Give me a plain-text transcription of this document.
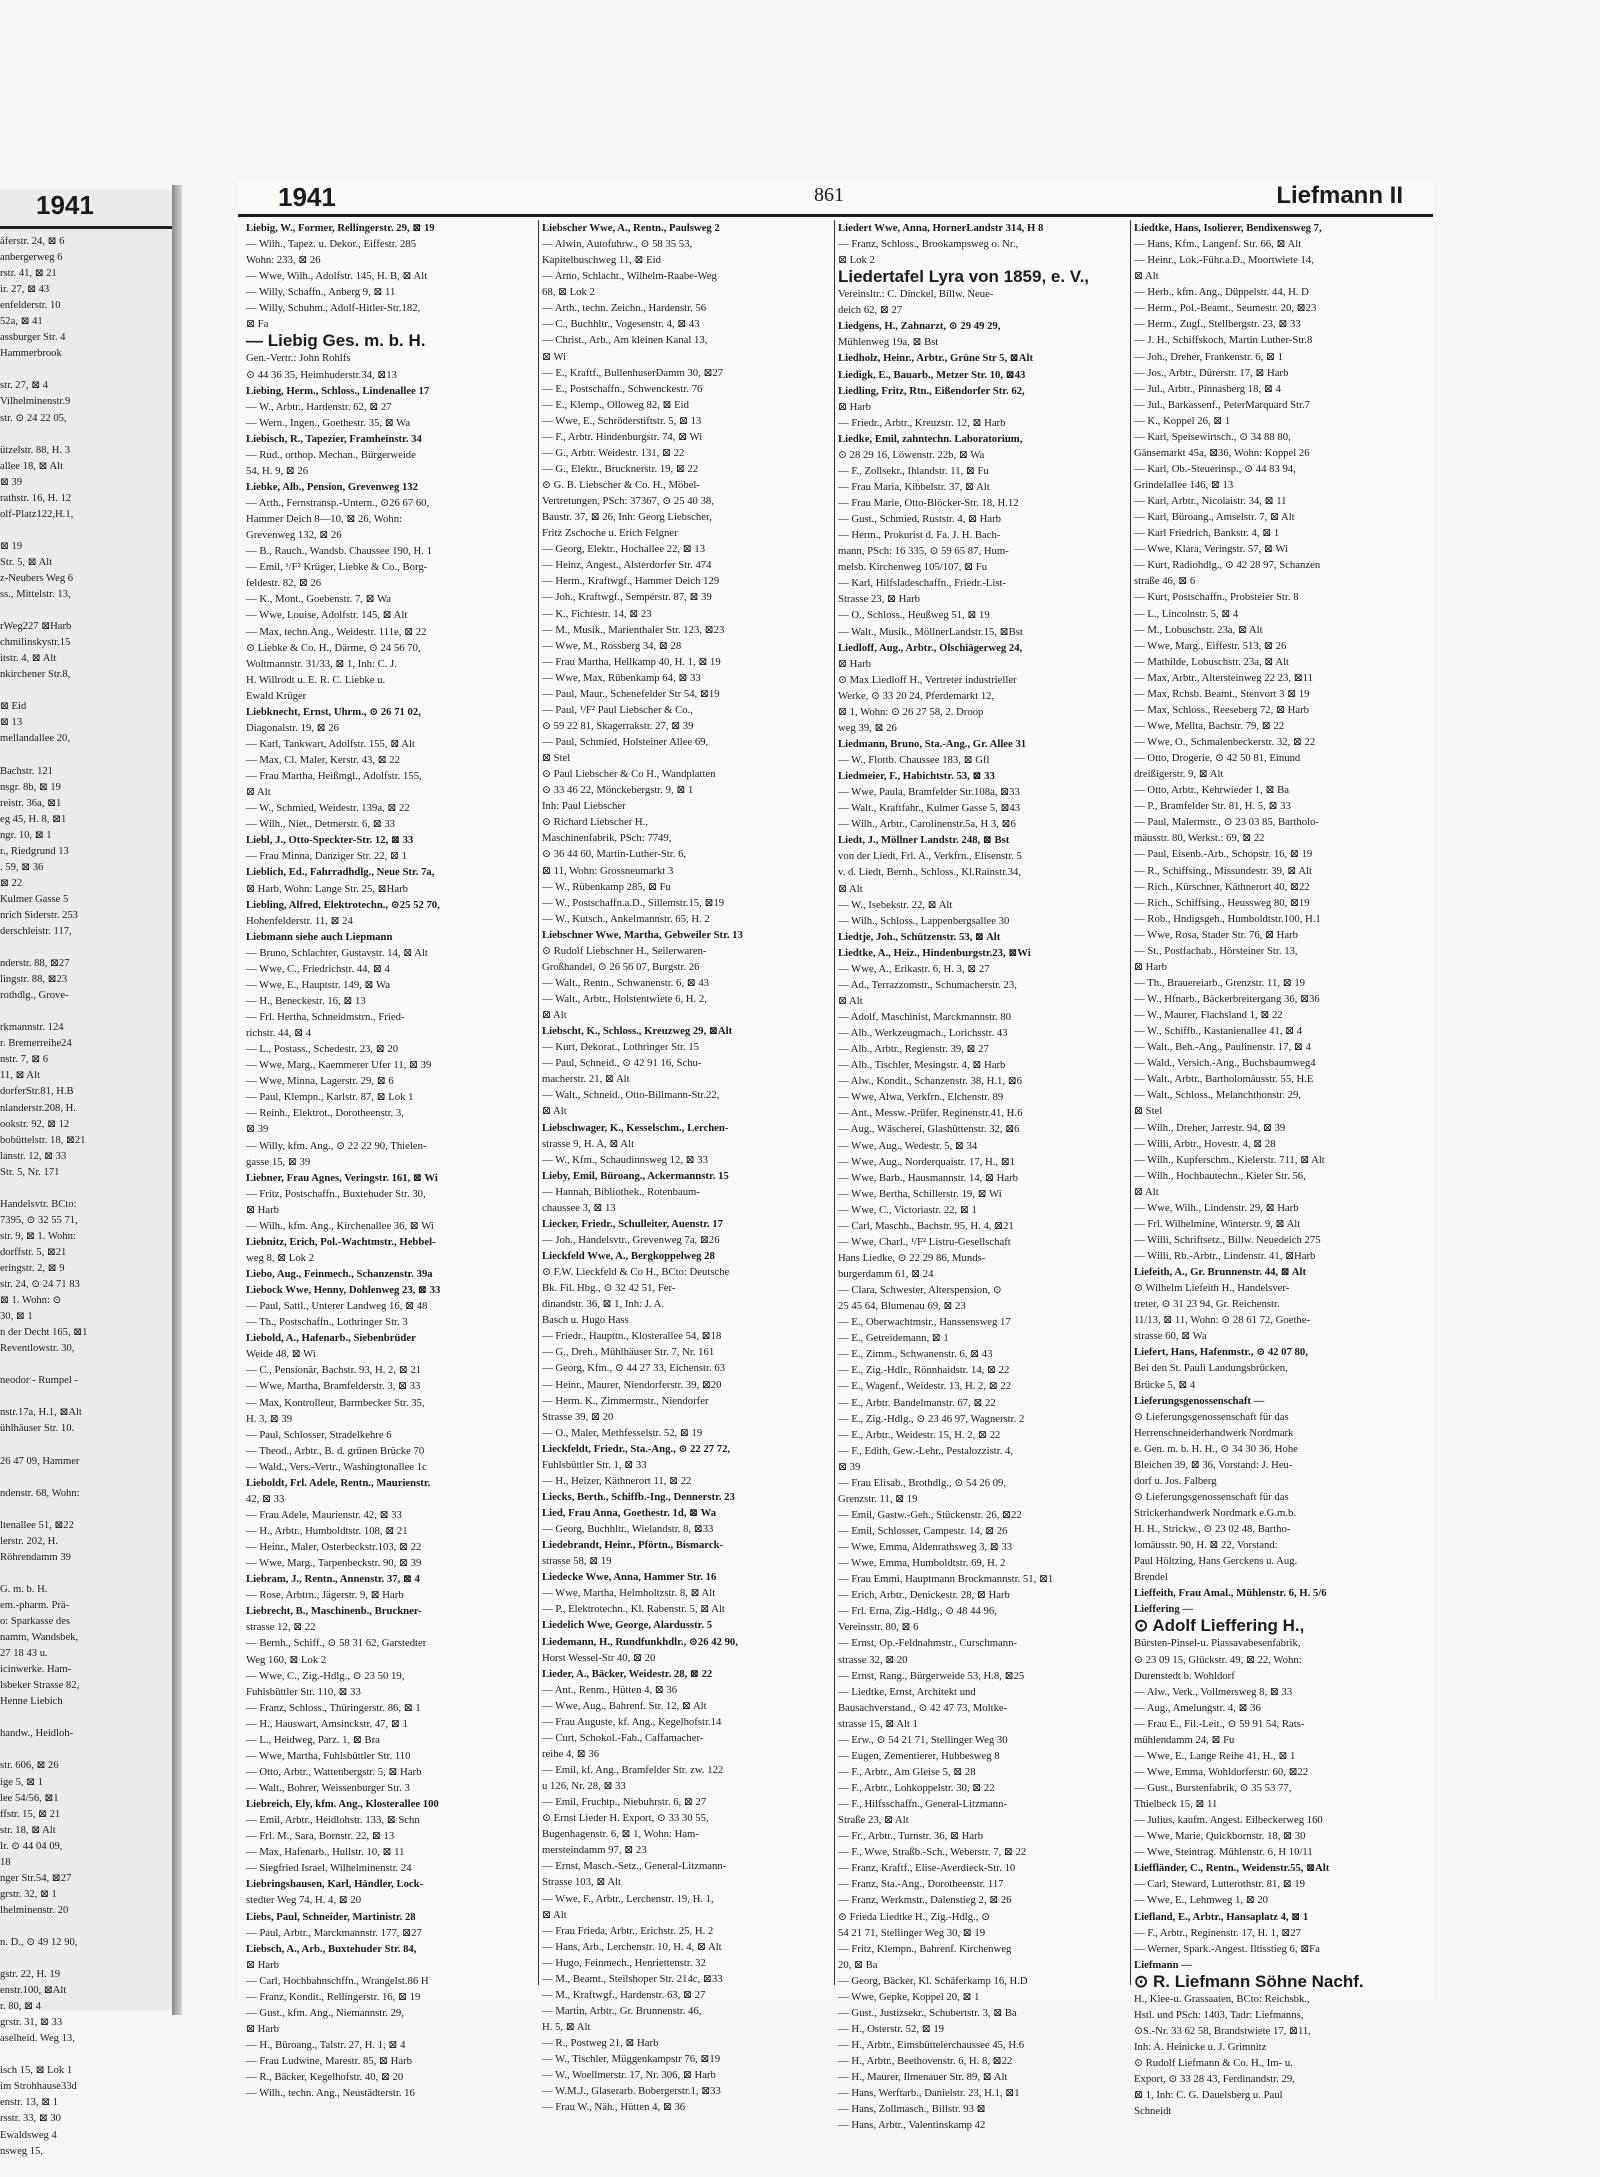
1941
äferstr. 24, ⊠ 6
anbergerweg 6
rstr. 41, ⊠ 21
ir. 27, ⊠ 43
enfelderstr. 10
52a, ⊠ 41
assburger Str. 4
Hammerbrook

str. 27, ⊠ 4
Vilhelminenstr.9
str. ⊙ 24 22 05,

ützelstr. 88, H. 3
allee 18, ⊠ Alt
⊠ 39
rathstr. 16, H. 12
olf-Platz122,H.1,

⊠ 19
Str. 5, ⊠ Alt
z-Neubers Weg 6
ss., Mittelstr. 13,

rWeg227 ⊠Harb
chmilinskystr.15
itstr. 4, ⊠ Alt
nkirchener Str.8,

⊠ Eid
⊠ 13
mellandallee 20,

Bachstr. 121
nsgr. 8b, ⊠ 19
reistr. 36a, ⊠1
eg 45, H. 8, ⊠1
ngr. 10, ⊠ 1
r., Riedgrund 13
. 59, ⊠ 36
⊠ 22
Kulmer Gasse 5
nrich Siderstr. 253
derschleistr. 117,

nderstr. 88, ⊠27
lingstr. 88, ⊠23
rothdlg., Grove-

rkmannstr. 124
r. Bremerreihe24
nstr. 7, ⊠ 6
11, ⊠ Alt
dorferStr.81, H.B
nlanderstr.208, H.
ookstr. 92, ⊠ 12
bobüttelstr. 18, ⊠21
lanstr. 12, ⊠ 33
Str. 5, Nr. 171

Handelsvtr. BCto:
7395, ⊙ 32 55 71,
str. 9, ⊠ 1. Wohn:
dorffstr. 5, ⊠21
eringstr. 2, ⊠ 9
str. 24, ⊙ 24 71 83
⊠ 1. Wohn: ⊙
30, ⊠ 1
n der Decht 165, ⊠1
Reventlowstr. 30,

neodor - Rumpel -

nstr.17a, H.1, ⊠Alt
ühlhäuser Str. 10.

26 47 09, Hammer

ndenstr. 68, Wohn:

ltenallee 51, ⊠22
lerstr. 202, H.
Röhrendamm 39

G. m. b. H.
em.-pharm. Prä-
o: Sparkasse des
namm, Wandsbek,
27 18 43 u.
icinwerke. Ham-
lsbeker Strasse 82,
Henne Liebich

handw., Heidloh-

str. 606, ⊠ 26
ige 5, ⊠ 1
lee 54/56, ⊠1
ffstr. 15, ⊠ 21
str. 18, ⊠ Alt
lr. ⊙ 44 04 09,
18
nger Str.54, ⊠27
grstr. 32, ⊠ 1
lhelminenstr. 20

n. D., ⊙ 49 12 90,

gstr. 22, H. 19
enstr.100, ⊠Alt
r. 80, ⊠ 4
grstr. 31, ⊠ 33
aselheid. Weg 13,

isch 15, ⊠ Lok 1
im Strohhause33d
enstr. 13, ⊠ 1
rsstr. 33, ⊠ 30
Ewaldsweg 4
nsweg 15,
1941	861	Liefmann II
Liebig, W., Former, Rellingerstr. 29, ⊠ 19
— Wilh., Tapez. u. Dekor., Eiffestr. 285
Wohn: 233, ⊠ 26
— Wwe, Wilh., Adolfstr. 145, H. B, ⊠ Alt
— Willy, Schaffn., Anberg 9, ⊠ 11
— Willy, Schuhm., Adolf-Hitler-Str.182,
⊠ Fa
— Liebig Ges. m. b. H.
Gen.-Vertr.: John Rohlfs
⊙ 44 36 35, Heimhuderstr.34, ⊠13
Liebing, Herm., Schloss., Lindenallee 17
— W., Arbtr., Hardenstr. 62, ⊠ 27
— Wern., Ingen., Goethestr. 35, ⊠ Wa
Liebisch, R., Tapezier, Framheinstr. 34
— Rud., orthop. Mechan., Bürgerweide
54, H. 9, ⊠ 26
Liebke, Alb., Pension, Grevenweg 132
— Arth., Fernstransp.-Untern., ⊙26 67 60,
Hammer Deich 8—10, ⊠ 26, Wohn:
Grevenweg 132, ⊠ 26
— B., Rauch., Wandsb. Chaussee 190, H. 1
— Emil, ¹/F² Krüger, Liebke & Co., Borg-
feldestr. 82, ⊠ 26
— K., Mont., Goebenstr. 7, ⊠ Wa
— Wwe, Louise, Adolfstr. 145, ⊠ Alt
— Max, techn.Ang., Weidestr. 111e, ⊠ 22
⊙ Liebke & Co. H., Därme, ⊙ 24 56 70,
Woltmannstr. 31/33, ⊠ 1, Inh: C. J.
H. Willrodt u. E. R. C. Liebke u.
Ewald Krüger
Liebknecht, Ernst, Uhrm., ⊙ 26 71 02,
Diagonalstr. 19, ⊠ 26
— Karl, Tankwart, Adolfstr. 155, ⊠ Alt
— Max, Cl. Maler, Kerstr. 43, ⊠ 22
— Frau Martha, Heißmgl., Adolfstr. 155,
⊠ Alt
— W., Schmied, Weidestr. 139a, ⊠ 22
— Wilh., Niet., Detmerstr. 6, ⊠ 33
Liebl, J., Otto-Speckter-Str. 12, ⊠ 33
— Frau Minna, Danziger Str. 22, ⊠ 1
Lieblich, Ed., Fahrradhdlg., Neue Str. 7a,
⊠ Harb, Wohn: Lange Str. 25, ⊠Harb
Liebling, Alfred, Elektrotechn., ⊙25 52 70,
Hohenfelderstr. 11, ⊠ 24
Liebmann siehe auch Liepmann
— Bruno, Schlachter, Gustavstr. 14, ⊠ Alt
— Wwe, C., Friedrichstr. 44, ⊠ 4
— Wwe, E., Hauptstr. 149, ⊠ Wa
— H., Beneckestr. 16, ⊠ 13
— Frl. Hertha, Schneidmstrn., Fried-
richstr. 44, ⊠ 4
— L., Postass., Schedestr. 23, ⊠ 20
— Wwe, Marg., Kaemmerer Ufer 11, ⊠ 39
— Wwe, Minna, Lagerstr. 29, ⊠ 6
— Paul, Klempn., Karlstr. 87, ⊠ Lok 1
— Reinh., Elektrot., Dorotheenstr. 3,
⊠ 39
— Willy, kfm. Ang., ⊙ 22 22 90, Thielen-
gasse 15, ⊠ 39
Liebner, Frau Agnes, Veringstr. 161, ⊠ Wi
— Fritz, Postschaffn., Buxtehuder Str. 30,
⊠ Harb
— Wilh., kfm. Ang., Kirchenallee 36, ⊠ Wi
Liebnitz, Erich, Pol.-Wachtmstr., Hebbel-
weg 8, ⊠ Lok 2
Liebo, Aug., Feinmech., Schanzenstr. 39a
Liebock Wwe, Henny, Dohlenweg 23, ⊠ 33
— Paul, Sattl., Unterer Landweg 16, ⊠ 48
— Th., Postschaffn., Lothringer Str. 3
Liebold, A., Hafenarb., Siebenbrüder
Weide 48, ⊠ Wi
— C., Pensionär, Bachstr. 93, H. 2, ⊠ 21
— Wwe, Martha, Bramfelderstr. 3, ⊠ 33
— Max, Kontrolleur, Barmbecker Str. 35,
H. 3, ⊠ 39
— Paul, Schlosser, Stradelkehre 6
— Theod., Arbtr., B. d. grünen Brücke 70
— Wald., Vers.-Vertr., Washingtonallee 1c
Lieboldt, Frl. Adele, Rentn., Maurienstr.
42, ⊠ 33
— Frau Adele, Maurienstr. 42, ⊠ 33
— H., Arbtr., Humboldtstr. 108, ⊠ 21
— Heinr., Maler, Osterbeckstr.103, ⊠ 22
— Wwe, Marg., Tarpenbeckstr. 90, ⊠ 39
Liebram, J., Rentn., Annenstr. 37, ⊠ 4
— Rose, Arbtrn., Jägerstr. 9, ⊠ Harb
Liebrecht, B., Maschinenb., Bruckner-
strasse 12, ⊠ 22
— Bernh., Schiff., ⊙ 58 31 62, Garstedter
Weg 160, ⊠ Lok 2
— Wwe, C., Zig.-Hdlg., ⊙ 23 50 19,
Fuhlsbüttler Str. 110, ⊠ 33
— Franz, Schloss., Thüringerstr. 86, ⊠ 1
— H., Hauswart, Amsinckstr. 47, ⊠ 1
— L., Heidweg, Parz. 1, ⊠ Bra
— Wwe, Martha, Fuhlsbüttler Str. 110
— Otto, Arbtr., Wattenbergstr. 5, ⊠ Harb
— Walt., Bohrer, Weissenburger Str. 3
Liebreich, Ely, kfm. Ang., Klosterallee 100
— Emil, Arbtr., Heidlohstr. 133, ⊠ Schn
— Frl. M., Sara, Bornstr. 22, ⊠ 13
— Max, Hafenarb., Hullstr. 10, ⊠ 11
— Siegfried Israel, Wilhelminenstr. 24
Liebringshausen, Karl, Händler, Lock-
stedter Weg 74, H. 4, ⊠ 20
Liebs, Paul, Schneider, Martinistr. 28
— Paul, Arbtr., Marckmannstr. 177, ⊠27
Liebsch, A., Arb., Buxtehuder Str. 84,
⊠ Harb
— Carl, Hochbahnschffn., Wrangelst.86 H
— Franz, Kondit., Rellingerstr. 16, ⊠ 19
— Gust., kfm. Ang., Niemannstr. 29,
⊠ Harb
— H., Büroang., Talstr. 27, H. 1, ⊠ 4
— Frau Ludwine, Marestr. 85, ⊠ Harb
— R., Bäcker, Kegelhofstr. 40, ⊠ 20
— Wilh., techn. Ang., Neustädterstr. 16
Liebscher Wwe, A., Rentn., Paulsweg 2
— Alwin, Autofuhrw., ⊙ 58 35 53,
Kapitelbuschweg 11, ⊠ Eid
— Arno, Schlacht., Wilhelm-Raabe-Weg
68, ⊠ Lok 2
— Arth., techn. Zeichn., Hardenstr. 56
— C., Buchhltr., Vogesenstr. 4, ⊠ 43
— Christ., Arb., Am kleinen Kanal 13,
⊠ Wi
— E., Kraftf., BullenhuserDamm 30, ⊠27
— E., Postschaffn., Schwenckestr. 76
— E., Klemp., Olloweg 82, ⊠ Eid
— Wwe, E., Schröderstiftstr. 5, ⊠ 13
— F., Arbtr. Hindenburgstr. 74, ⊠ Wi
— G., Arbtr. Weidestr. 131, ⊠ 22
— G., Elektr., Brucknerstr. 19, ⊠ 22
⊙ G. B. Liebscher & Co. H., Möbel-
Vertretungen, PSch: 37367, ⊙ 25 40 38,
Baustr. 37, ⊠ 26, Inh: Georg Liebscher,
Fritz Zschoche u. Erich Felgner
— Georg, Elektr., Hochallee 22, ⊠ 13
— Heinz, Angest., Alsterdorfer Str. 474
— Herm., Kraftwgf., Hammer Deich 129
— Joh., Kraftwgf., Sempérstr. 87, ⊠ 39
— K., Fichtestr. 14, ⊠ 23
— M., Musik., Marienthaler Str. 123, ⊠23
— Wwe, M., Rossberg 34, ⊠ 28
— Frau Martha, Hellkamp 40, H. 1, ⊠ 19
— Wwe, Max, Rübenkamp 64, ⊠ 33
— Paul, Maur., Schenefelder Str 54, ⊠19
— Paul, ¹/F² Paul Liebscher & Co.,
⊙ 59 22 81, Skagerrakstr. 27, ⊠ 39
— Paul, Schmied, Holsteiner Allee 69,
⊠ Stel
⊙ Paul Liebscher & Co H., Wandplatten
⊙ 33 46 22, Mönckebergstr. 9, ⊠ 1
Inh: Paul Liebscher
⊙ Richard Liebscher H.,
Maschinenfabrik, PSch: 7749,
⊙ 36 44 60, Martin-Luther-Str. 6,
⊠ 11, Wohn: Grossneumarkt 3
— W., Rübenkamp 285, ⊠ Fu
— W., Postschaffn.a.D., Sillemstr.15, ⊠19
— W., Kutsch., Ankelmannstr. 65, H. 2
Liebschner Wwe, Martha, Gebweiler Str. 13
⊙ Rudolf Liebschner H., Seilerwaren-
Großhandel, ⊙ 26 56 07, Burgstr. 26
— Walt., Rentn., Schwanenstr. 6, ⊠ 43
— Walt., Arbtr., Holstentwiete 6, H. 2,
⊠ Alt
Liebscht, K., Schloss., Kreuzweg 29, ⊠Alt
— Kurt, Dekorat., Lothringer Str. 15
— Paul, Schneid., ⊙ 42 91 16, Schu-
macherstr. 21, ⊠ Alt
— Walt., Schneid., Otto-Billmann-Str.22,
⊠ Alt
Liebschwager, K., Kesselschm., Lerchen-
strasse 9, H. A, ⊠ Alt
— W., Kfm., Schaudinnsweg 12, ⊠ 33
Lieby, Emil, Büroang., Ackermannstr. 15
— Hannah, Bibliothek., Rotenbaum-
chaussee 3, ⊠ 13
Liecker, Friedr., Schulleiter, Auenstr. 17
— Joh., Handelsvtr., Grevenweg 7a, ⊠26
Lieckfeld Wwe, A., Bergkoppelweg 28
⊙ F.W. Lieckfeld & Co H., BCto: Deutsche
Bk. Fil. Hbg., ⊙ 32 42 51, Fer-
dinandstr. 36, ⊠ 1, Inh: J. A.
Basch u. Hugo Hass
— Friedr., Haupttn., Klosterallee 54, ⊠18
— G., Dreh., Mühlhäuser Str. 7, Nr. 161
— Georg, Kfm., ⊙ 44 27 33, Eichenstr. 63
— Heinr., Maurer, Niendorferstr. 39, ⊠20
— Herm. K., Zimmermstr., Niendorfer
Strasse 39, ⊠ 20
— O., Maler, Methfesselstr. 52, ⊠ 19
Lieckfeldt, Friedr., Sta.-Ang., ⊙ 22 27 72,
Fuhlsbüttler Str. 1, ⊠ 33
— H., Heizer, Käthnerort 11, ⊠ 22
Liecks, Berth., Schiffb.-Ing., Dennerstr. 23
Lied, Frau Anna, Goethestr. 1d, ⊠ Wa
— Georg, Buchhltr., Wielandstr. 8, ⊠33
Liedebrandt, Heinr., Pförtn., Bismarck-
strasse 58, ⊠ 19
Liedecke Wwe, Anna, Hammer Str. 16
— Wwe, Martha, Helmholtzstr. 8, ⊠ Alt
— P., Elektrotechn., Kl. Rabenstr. 5, ⊠ Alt
Liedelich Wwe, George, Alardusstr. 5
Liedemann, H., Rundfunkhdlr., ⊙26 42 90,
Horst Wessel-Str 40, ⊠ 20
Lieder, A., Bäcker, Weidestr. 28, ⊠ 22
— Ant., Renm., Hütten 4, ⊠ 36
— Wwe, Aug., Bahrenf. Str. 12, ⊠ Alt
— Frau Auguste, kf. Ang., Kegelhofstr.14
— Curt, Schokol.-Fab., Caffamacher-
reihe 4, ⊠ 36
— Emil, kf. Ang., Bramfelder Str. zw. 122
u 126, Nr. 28, ⊠ 33
— Emil, Fruchtp., Niebuhrstr. 6, ⊠ 27
⊙ Ernst Lieder H. Export, ⊙ 33 30 55,
Bugenhagenstr. 6, ⊠ 1, Wohn: Ham-
mersteindamm 97, ⊠ 23
— Ernst, Masch.-Setz., General-Litzmann-
Strasse 103, ⊠ Alt
— Wwe, F., Arbtr., Lerchenstr. 19, H. 1,
⊠ Alt
— Frau Frieda, Arbtr., Erichstr. 25, H. 2
— Hans, Arb., Lerchenstr. 10, H. 4, ⊠ Alt
— Hugo, Feinmech., Henriettenstr. 32
— M., Beamt., Steilshoper Str. 214c, ⊠33
— M., Kraftwgf., Hardenstr. 63, ⊠ 27
— Martin, Arbtr., Gr. Brunnenstr. 46,
H. 5, ⊠ Alt
— R., Postweg 21, ⊠ Harb
— W., Tischler, Müggenkampstr 76, ⊠19
— W., Woellmerstr. 17, Nr. 306, ⊠ Harb
— W.M.J., Glaserarb. Bobergerstr.1, ⊠33
— Frau W., Näh., Hütten 4, ⊠ 36
Liedert Wwe, Anna, HornerLandstr 314, H 8
— Franz, Schloss., Brookampsweg o. Nr.,
⊠ Lok 2
Liedertafel Lyra von 1859, e. V.,
Vereinsltr.: C. Dinckel, Billw. Neue-
deich 62, ⊠ 27
Liedgens, H., Zahnarzt, ⊙ 29 49 29,
Mühlenweg 19a, ⊠ Bst
Liedholz, Heinr., Arbtr., Grüne Str 5, ⊠Alt
Liedigk, E., Bauarb., Metzer Str. 10, ⊠43
Liedling, Fritz, Rtn., Eißendorfer Str. 62,
⊠ Harb
— Friedr., Arbtr., Kreuzstr. 12, ⊠ Harb
Liedke, Emil, zahntechn. Laboratorium,
⊙ 28 29 16, Löwenstr. 22b, ⊠ Wa
— F., Zollsekr., Ihlandstr. 11, ⊠ Fu
— Frau Maria, Kibbelstr. 37, ⊠ Alt
— Frau Marie, Otto-Blöcker-Str. 18, H.12
— Gust., Schmied, Ruststr. 4, ⊠ Harb
— Herm., Prokurist d. Fa. J. H. Bach-
mann, PSch: 16 335, ⊙ 59 65 87, Hum-
melsb. Kirchenweg 105/107, ⊠ Fu
— Karl, Hilfsladeschaffn., Friedr.-List-
Strasse 23, ⊠ Harb
— O., Schloss., Heußweg 51, ⊠ 19
— Walt., Musik., MöllnerLandstr.15, ⊠Bst
Liedloff, Aug., Arbtr., Olschiägerweg 24,
⊠ Harb
⊙ Max Liedloff H., Vertreter industrieller
Werke, ⊙ 33 20 24, Pferdemarkt 12,
⊠ 1, Wohn: ⊙ 26 27 58, 2. Droop
weg 39, ⊠ 26
Liedmann, Bruno, Sta.-Ang., Gr. Allee 31
— W., Flottb. Chaussee 183, ⊠ Gfl
Liedmeier, F., Habichtstr. 53, ⊠ 33
— Wwe, Paula, Bramfelder Str.108a, ⊠33
— Walt., Kraftfahr., Kulmer Gasse 5, ⊠43
— Wilh., Arbtr., Carolinenstr.5a, H 3, ⊠6
Liedt, J., Möllner Landstr. 248, ⊠ Bst
von der Liedt, Frl. A., Verkfrn., Elisenstr. 5
v. d. Liedt, Bernh., Schloss., Kl.Rainstr.34,
⊠ Alt
— W., Isebekstr. 22, ⊠ Alt
— Wilh., Schloss., Lappenbergsallee 30
Liedtje, Joh., Schützenstr. 53, ⊠ Alt
Liedtke, A., Heiz., Hindenburgstr.23, ⊠Wi
— Wwe, A., Erikastr. 6, H. 3, ⊠ 27
— Ad., Terrazzomstr., Schumacherstr. 23,
⊠ Alt
— Adolf, Maschinist, Marckmannstr. 80
— Alb., Werkzeugmach., Lorichsstr. 43
— Alb., Arbtr., Regienstr. 39, ⊠ 27
— Alb., Tischler, Mesingstr. 4, ⊠ Harb
— Alw., Kondit., Schanzenstr. 38, H.1, ⊠6
— Wwe, Alwa, Verkfrn., Elchenstr. 89
— Ant., Messw.-Prüfer, Reginenstr.41, H.6
— Aug., Wäscherei, Glashüttenstr. 32, ⊠6
— Wwe, Aug., Wedestr. 5, ⊠ 34
— Wwe, Aug., Norderquaistr. 17, H., ⊠1
— Wwe, Barb., Hausmannstr. 14, ⊠ Harb
— Wwe, Bertha, Schillerstr. 19, ⊠ Wi
— Wwe, C., Victoriastr. 22, ⊠ 1
— Carl, Maschb., Bachstr. 95, H. 4, ⊠21
— Wwe, Charl., ¹/F² Listru-Gesellschaft
Hans Liedke, ⊙ 22 29 86, Munds-
burgerdamm 61, ⊠ 24
— Clara, Schwester, Alterspension, ⊙
25 45 64, Blumenau 69, ⊠ 23
— E., Oberwachtmstr., Hanssensweg 17
— E., Getreidemann, ⊠ 1
— E., Zimm., Schwanenstr. 6, ⊠ 43
— E., Zig.-Hdlr., Rönnhaidstr. 14, ⊠ 22
— E., Wagenf., Weidestr. 13, H. 2, ⊠ 22
— E., Arbtr. Bandelmanstr. 67, ⊠ 22
— E., Zig.-Hdlg., ⊙ 23 46 97, Wagnerstr. 2
— E., Arbtr., Weidestr. 15, H. 2, ⊠ 22
— F., Edith, Gew.-Lehr., Pestalozzistr. 4,
⊠ 39
— Frau Elisab., Brothdlg., ⊙ 54 26 09,
Grenzstr. 11, ⊠ 19
— Emil, Gastw.-Geh., Stückenstr. 26, ⊠22
— Emil, Schlosser, Campestr. 14, ⊠ 26
— Wwe, Emma, Aldenrathsweg 3, ⊠ 33
— Wwe, Emma, Humboldtstr. 69, H. 2
— Frau Emmi, Hauptmann Brockmannstr. 51, ⊠1
— Erich, Arbtr., Denickestr. 28, ⊠ Harb
— Frl. Erna, Zig.-Hdlg., ⊙ 48 44 96,
Vereinsstr. 80, ⊠ 6
— Ernst, Op.-Feldnahmstr., Curschmann-
strasse 32, ⊠ 20
— Ernst, Rang., Bürgerweide 53, H.8, ⊠25
— Liedtke, Ernst, Architekt und
Bausachverstand., ⊙ 42 47 73, Moltke-
strasse 15, ⊠ Alt 1
— Erw., ⊙ 54 21 71, Stellinger Weg 30
— Eugen, Zementierer, Hubbesweg 8
— F., Arbtr., Am Gleise 5, ⊠ 28
— F., Arbtr., Lohkoppelstr. 30, ⊠ 22
— F., Hilfsschaffn., General-Litzmann-
Straße 23, ⊠ Alt
— Fr., Arbtr., Turnstr. 36, ⊠ Harb
— F., Wwe, Straßb.-Sch., Weberstr. 7, ⊠ 22
— Franz, Kraftf., Elise-Averdieck-Str. 10
— Franz, Sta.-Ang., Dorotheenstr. 117
— Franz, Werkmstr., Dalenstieg 2, ⊠ 26
⊙ Frieda Liedtke H., Zig.-Hdlg., ⊙
54 21 71, Stellinger Weg 30, ⊠ 19
— Fritz, Klempn., Bahrenf. Kirchenweg
20, ⊠ Ba
— Georg, Bäcker, Kl. Schäferkamp 16, H.D
— Wwe, Gepke, Koppel 20, ⊠ 1
— Gust., Justizsekr., Schubertstr. 3, ⊠ Ba
— H., Osterstr. 52, ⊠ 19
— H., Arbtr., Eimsbüttelerchaussee 45, H.6
— H., Arbtr., Beethovenstr. 6, H. 8, ⊠22
— H., Maurer, Ilmenauer Str. 89, ⊠ Alt
— Hans, Werftarb., Danielstr. 23, H.1, ⊠1
— Hans, Zollmasch., Billstr. 93 ⊠
— Hans, Arbtr., Valentinskamp 42
Liedtke, Hans, Isolierer, Bendixensweg 7,
— Hans, Kfm., Langenf. Str. 66, ⊠ Alt
— Heinr., Lok.-Führ.a.D., Moortwiete 14,
⊠ Alt
— Herb., kfm. Ang., Düppelstr. 44, H. D
— Herm., Pol.-Beamt., Seumestr. 20, ⊠23
— Herm., Zugf., Stellbergstr. 23, ⊠ 33
— J. H., Schiffskoch, Martin Luther-Str.8
— Joh., Dreher, Frankenstr. 6, ⊠ 1
— Jos., Arbtr., Dürerstr. 17, ⊠ Harb
— Jul., Arbtr., Pinnasberg 18, ⊠ 4
— Jul., Barkassenf., PeterMarquard Str.7
— K., Koppel 26, ⊠ 1
— Karl, Speisewirtsch., ⊙ 34 88 80,
Gänsemarkt 45a, ⊠36, Wohn: Koppel 26
— Karl, Ob.-Steuerinsp., ⊙ 44 83 94,
Grindelallee 146, ⊠ 13
— Karl, Arbtr., Nicolaistr. 34, ⊠ 11
— Karl, Büroang., Amselstr. 7, ⊠ Alt
— Karl Friedrich, Bankstr. 4, ⊠ 1
— Wwe, Klara, Veringstr. 57, ⊠ Wi
— Kurt, Radiohdlg., ⊙ 42 28 97, Schanzen
straße 46, ⊠ 6
— Kurt, Postschaffn., Probsteier Str. 8
— L., Lincolnstr. 5, ⊠ 4
— M., Lobuschstr. 23a, ⊠ Alt
— Wwe, Marg., Eiffestr. 513, ⊠ 26
— Mathilde, Lobuschstr. 23a, ⊠ Alt
— Max, Arbtr., Altersteinweg 22 23, ⊠11
— Max, Rchsb. Beamt., Stenvort 3 ⊠ 19
— Max, Schloss., Reeseberg 72, ⊠ Harb
— Wwe, Mellta, Bachstr. 79, ⊠ 22
— Wwe, O., Schmalenbeckerstr. 32, ⊠ 22
— Otto, Drogerie, ⊙ 42 50 81, Einund
dreißigerstr. 9, ⊠ Alt
— Otto, Arbtr., Kehrwieder 1, ⊠ Ba
— P., Bramfelder Str. 81, H. 5, ⊠ 33
— Paul, Malermstr., ⊙ 23 03 85, Bartholo-
mäusstr. 80, Werkst.: 69, ⊠ 22
— Paul, Eisenb.-Arb., Schopstr. 16, ⊠ 19
— R., Schiffsing., Missundestr. 39, ⊠ Alt
— Rich., Kürschner, Käthnerort 40, ⊠22
— Rich., Schiffsing., Heussweg 80, ⊠19
— Rob., Hndigsgeh., Humboldtstr.100, H.1
— Wwe, Rosa, Stader Str. 76, ⊠ Harb
— St., Postfachab., Hörsteiner Str. 13,
⊠ Harb
— Th., Brauereiarb., Grenzstr. 11, ⊠ 19
— W., Hfnarb., Bäckerbreitergang 36, ⊠36
— W., Maurer, Flachsland 1, ⊠ 22
— W., Schiffb., Kastanienallee 41, ⊠ 4
— Walt., Beh.-Ang., Paulinenstr. 17, ⊠ 4
— Wald., Versich.-Ang., Buchsbaumweg4
— Walt., Arbtr., Bartholomäusstr. 55, H.E
— Walt., Schloss., Melanchthonstr. 29,
⊠ Stel
— Wilh., Dreher, Jarrestr. 94, ⊠ 39
— Willi, Arbtr., Hovestr. 4, ⊠ 28
— Wilh., Kupferschm., Kielerstr. 711, ⊠ Alt
— Wilh., Hochbautechn., Kieler Str. 56,
⊠ Alt
— Wwe, Wilh., Lindenstr. 29, ⊠ Harb
— Frl. Wilhelmine, Winterstr. 9, ⊠ Alt
— Willi, Schriftsetz., Billw. Neuedeich 275
— Willi, Rb.-Arbtr., Lindenstr. 41, ⊠Harb
Liefeith, A., Gr. Brunnenstr. 44, ⊠ Alt
⊙ Wilhelm Liefeith H., Handelsver-
treter, ⊙ 31 23 94, Gr. Reichenstr.
11/13, ⊠ 11, Wohn: ⊙ 28 61 72, Goethe-
strasse 60, ⊠ Wa
Liefert, Hans, Hafenmstr., ⊙ 42 07 80,
Bei den St. Pauli Landungsbrücken,
Brücke 5, ⊠ 4
Lieferungsgenossenschaft —
⊙ Lieferungsgenossenschaft für das
Herrenschneiderhandwerk Nordmark
e. Gen. m. b. H. H., ⊙ 34 30 36, Hohe
Bleichen 39, ⊠ 36, Vorstand: J. Heu-
dorf u. Jos. Falberg
⊙ Lieferungsgenossenschaft für das
Strickerhandwerk Nordmark e.G.m.b.
H. H., Strickw., ⊙ 23 02 48, Bartho-
lomäusstr. 90, H. ⊠ 22, Vorstand:
Paul Höltzing, Hans Gerckens u. Aug.
Brendel
Lieffeith, Frau Amal., Mühlenstr. 6, H. 5/6
Lieffering —
⊙ Adolf Lieffering H.,
Bürsten-Pinsel-u. Piassavabesenfabrik,
⊙ 23 09 15, Glückstr. 49, ⊠ 22, Wohn:
Durenstedt b. Wohldorf
— Alw., Verk., Vollmersweg 8, ⊠ 33
— Aug., Amelungstr. 4, ⊠ 36
— Frau E., Fil.-Leit., ⊙ 59 91 54, Rats-
mühlendamm 24, ⊠ Fu
— Wwe, E., Lange Reihe 41, H., ⊠ 1
— Wwe, Emma, Wohldorferstr. 60, ⊠22
— Gust., Burstenfabrik, ⊙ 35 53 77,
Thielbeck 15, ⊠ 11
— Julius, kaufm. Angest. Eilbeckerweg 160
— Wwe, Marie, Quickbornstr. 18, ⊠ 30
— Wwe, Steintrag. Mühlenstr. 6, H 10/11
Lieffländer, C., Rentn., Weidenstr.55, ⊠Alt
— Carl, Steward, Lutterothstr. 81, ⊠ 19
— Wwe, E., Lehmweg 1, ⊠ 20
Liefland, E., Arbtr., Hansaplatz 4, ⊠ 1
— F., Arbtr., Reginenstr. 17, H. 1, ⊠27
— Werner, Spark.-Angest. Iltisstieg 6, ⊠Fa
Liefmann —
⊙ R. Liefmann Söhne Nachf.
H., Klee-u. Grassaaten, BCto: Reichsbk.,
Hstl. und PSch: 1403, Tadr: Liefmanns,
⊙S.-Nr. 33 62 58, Brandstwiete 17, ⊠11,
Inh: A. Heinicke u. J. Grimnitz
⊙ Rudolf Liefmann & Co. H., Im- u.
Export, ⊙ 33 28 43, Ferdinandstr. 29,
⊠ 1, Inh: C. G. Dauelsberg u. Paul
Schneidt
